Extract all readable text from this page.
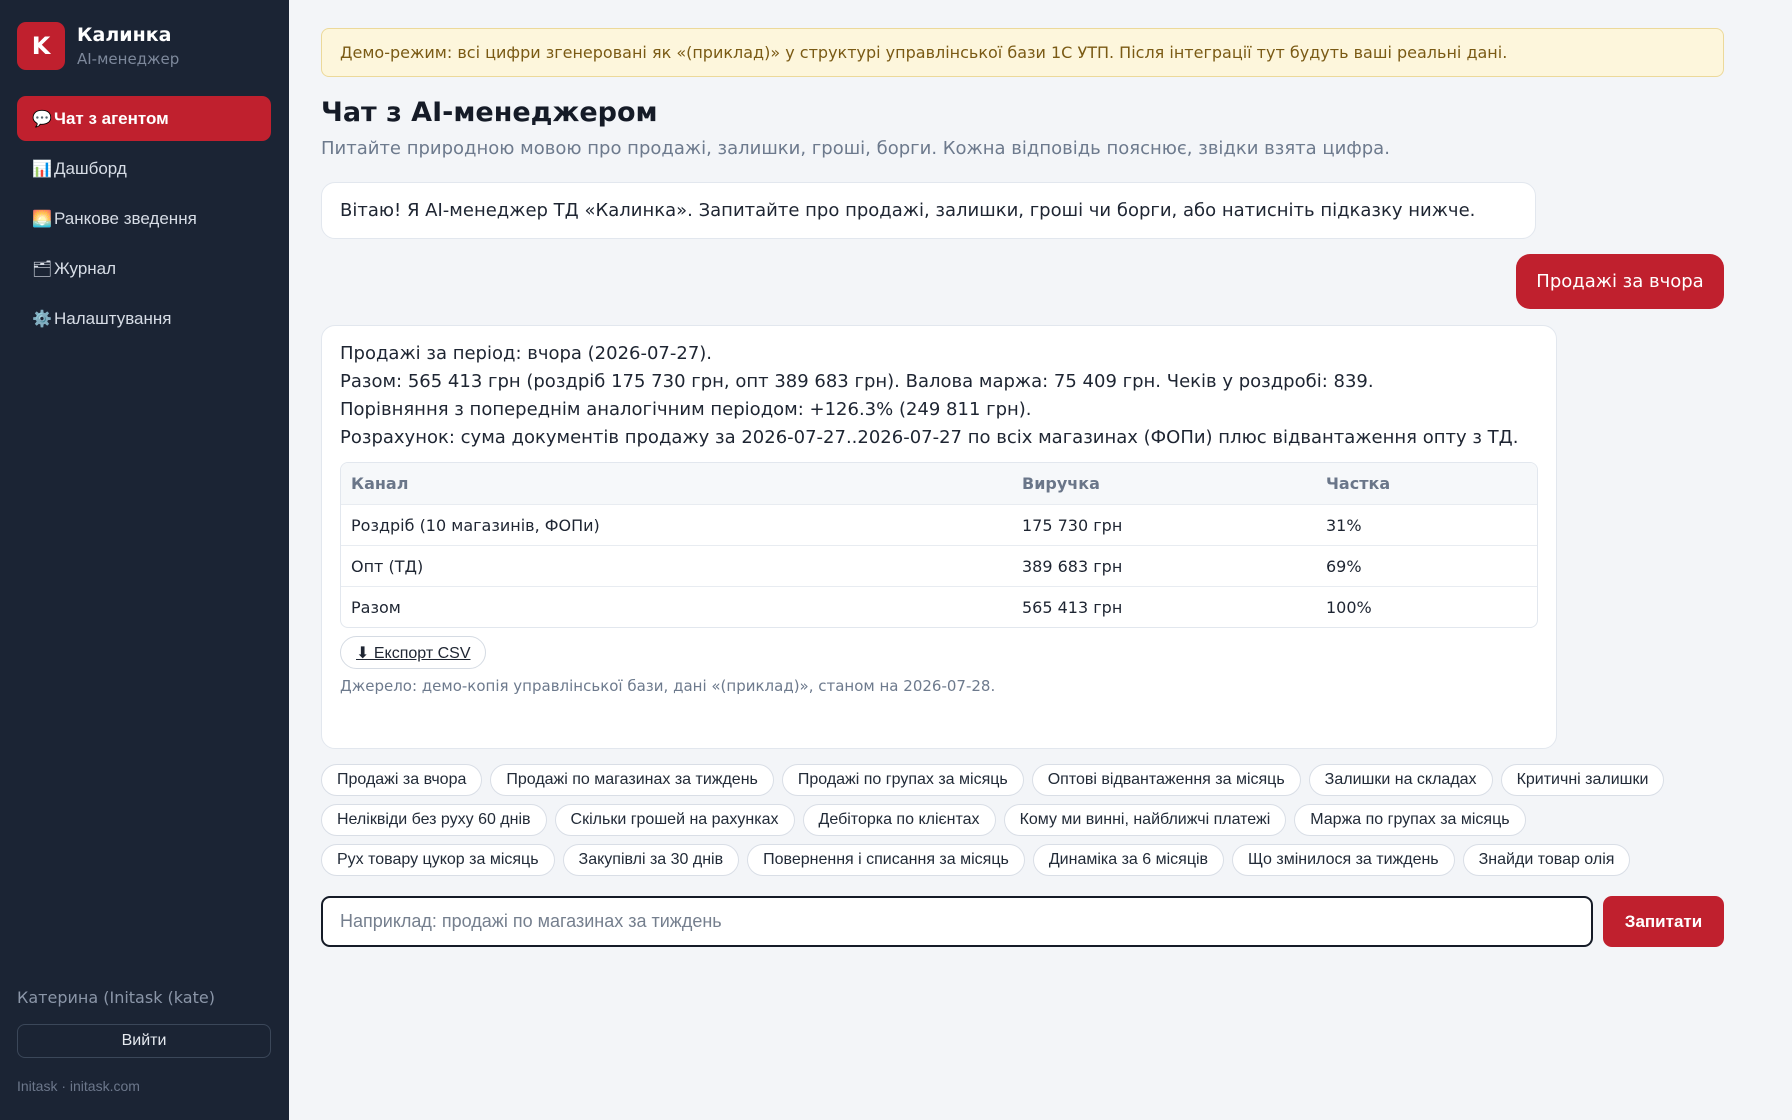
K	Калинка
AI-менеджер
💬 Чат з агентом
📊 Дашборд
🌅 Ранкове зведення
🗂 Журнал
⚙️ Налаштування
Катерина (Initask (kate)
Вийти
Initask · initask.com
Демо-режим: всі цифри згенеровані як «(приклад)» у структурі управлінської бази 1С УТП. Після інтеграції тут будуть ваші реальні дані.
Чат з AI-менеджером
Питайте природною мовою про продажі, залишки, гроші, борги. Кожна відповідь пояснює, звідки взята цифра.
Вітаю! Я AI-менеджер ТД «Калинка». Запитайте про продажі, залишки, гроші чи борги, або натисніть підказку нижче.
Продажі за вчора
Продажі за період: вчора (2026-07-27).
Разом: 565 413 грн (роздріб 175 730 грн, опт 389 683 грн). Валова маржа: 75 409 грн. Чеків у роздробі: 839.
Порівняння з попереднім аналогічним періодом: +126.3% (249 811 грн).
Розрахунок: сума документів продажу за 2026-07-27..2026-07-27 по всіх магазинах (ФОПи) плюс відвантаження опту з ТД.
Канал	Виручка	Частка
Роздріб (10 магазинів, ФОПи)	175 730 грн	31%
Опт (ТД)	389 683 грн	69%
Разом	565 413 грн	100%
⬇ Експорт CSV
Джерело: демо-копія управлінської бази, дані «(приклад)», станом на 2026-07-28.
Продажі за вчора	Продажі по магазинах за тиждень	Продажі по групах за місяць	Оптові відвантаження за місяць	Залишки на складах	Критичні залишки
Неліквіди без руху 60 днів	Скільки грошей на рахунках	Дебіторка по клієнтах	Кому ми винні, найближчі платежі	Маржа по групах за місяць
Рух товару цукор за місяць	Закупівлі за 30 днів	Повернення і списання за місяць	Динаміка за 6 місяців	Що змінилося за тиждень	Знайди товар олія
Наприклад: продажі по магазинах за тиждень
Запитати
